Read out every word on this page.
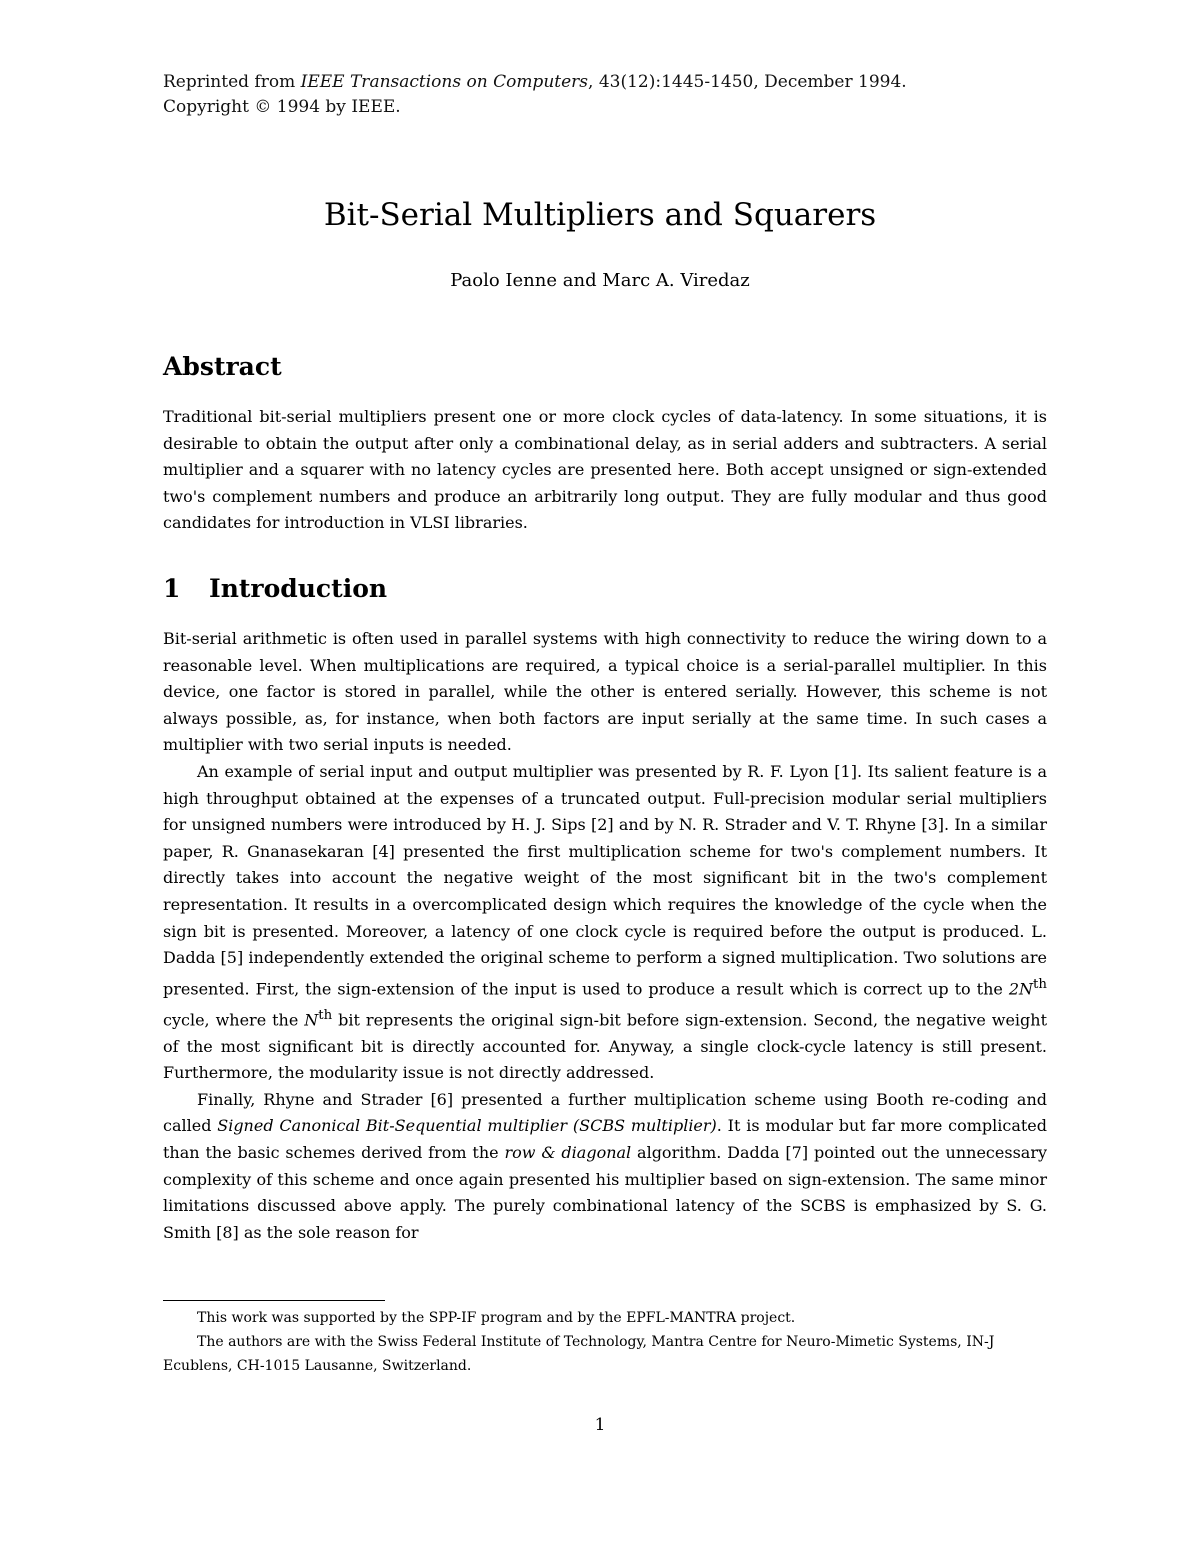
Reprinted from IEEE Transactions on Computers, 43(12):1445-1450, December 1994.

Copyright © 1994 by IEEE.

Bit-Serial Multipliers and Squarers
Paolo Ienne and Marc A. Viredaz
Abstract

Traditional bit-serial multipliers present one or more clock cycles of data-latency. In some situations, it is desirable to obtain the output after only a combinational delay, as in serial adders and subtracters. A serial multiplier and a squarer with no latency cycles are presented here. Both accept unsigned or sign-extended two's complement numbers and produce an arbitrarily long output. They are fully modular and thus good candidates for introduction in VLSI libraries.

1 Introduction

Bit-serial arithmetic is often used in parallel systems with high connectivity to reduce the wiring down to a reasonable level. When multiplications are required, a typical choice is a serial-parallel multiplier. In this device, one factor is stored in parallel, while the other is entered serially. However, this scheme is not always possible, as, for instance, when both factors are input serially at the same time. In such cases a multiplier with two serial inputs is needed.

An example of serial input and output multiplier was presented by R. F. Lyon [1]. Its salient feature is a high throughput obtained at the expenses of a truncated output. Full-precision modular serial multipliers for unsigned numbers were introduced by H. J. Sips [2] and by N. R. Strader and V. T. Rhyne [3]. In a similar paper, R. Gnanasekaran [4] presented the first multiplication scheme for two's complement numbers. It directly takes into account the negative weight of the most significant bit in the two's complement representation. It results in a overcomplicated design which requires the knowledge of the cycle when the sign bit is presented. Moreover, a latency of one clock cycle is required before the output is produced. L. Dadda [5] independently extended the original scheme to perform a signed multiplication. Two solutions are presented. First, the sign-extension of the input is used to produce a result which is correct up to the $2N^{th}$ cycle, where the $N^{th}$ bit represents the original sign-bit before sign-extension. Second, the negative weight of the most significant bit is directly accounted for. Anyway, a single clock-cycle latency is still present. Furthermore, the modularity issue is not directly addressed.

Finally, Rhyne and Strader [6] presented a further multiplication scheme using Booth re-coding and called Signed Canonical Bit-Sequential multiplier (SCBS multiplier). It is modular but far more complicated than the basic schemes derived from the row & diagonal algorithm. Dadda [7] pointed out the unnecessary complexity of this scheme and once again presented his multiplier based on sign-extension. The same minor limitations discussed above apply. The purely combinational latency of the SCBS is emphasized by S. G. Smith [8] as the sole reason for

This work was supported by the SPP-IF program and by the EPFL-MANTRA project.

The authors are with the Swiss Federal Institute of Technology, Mantra Centre for Neuro-Mimetic Systems, IN-J Ecublens, CH-1015 Lausanne, Switzerland.

1
